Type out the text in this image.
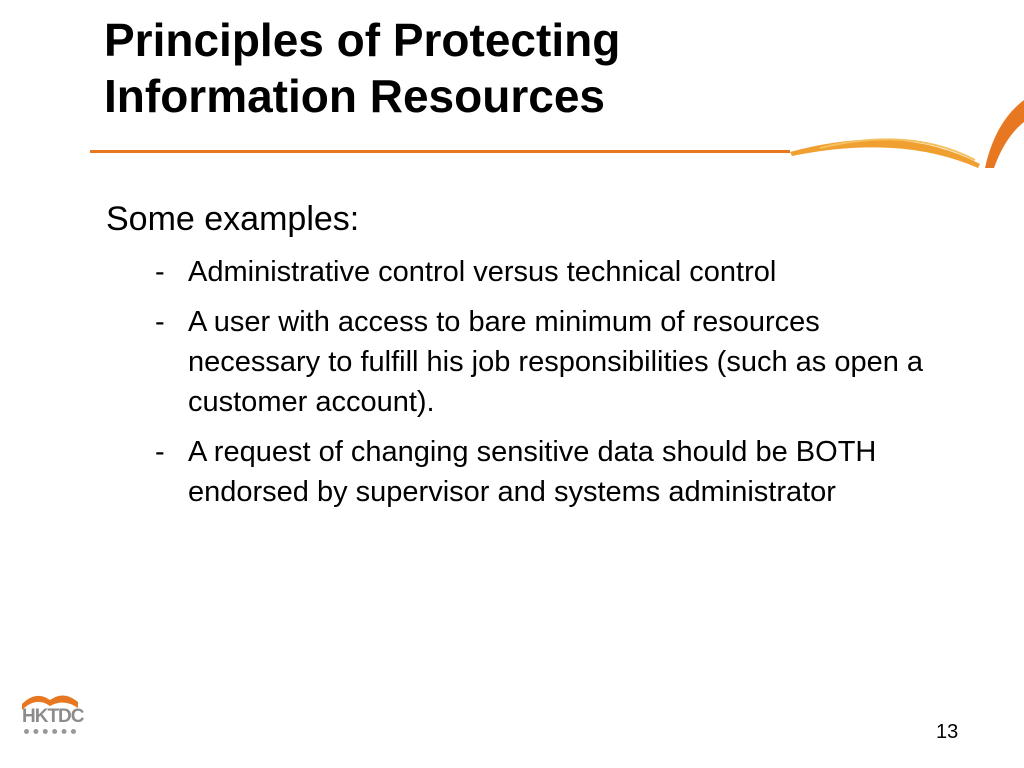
Principles of Protecting
Information Resources

Some examples:

- Administrative control versus technical control
- A user with access to bare minimum of resources necessary to fulfill his job responsibilities (such as open a customer account).
- A request of changing sensitive data should be BOTH endorsed by supervisor and systems administrator
HKTDC
13
